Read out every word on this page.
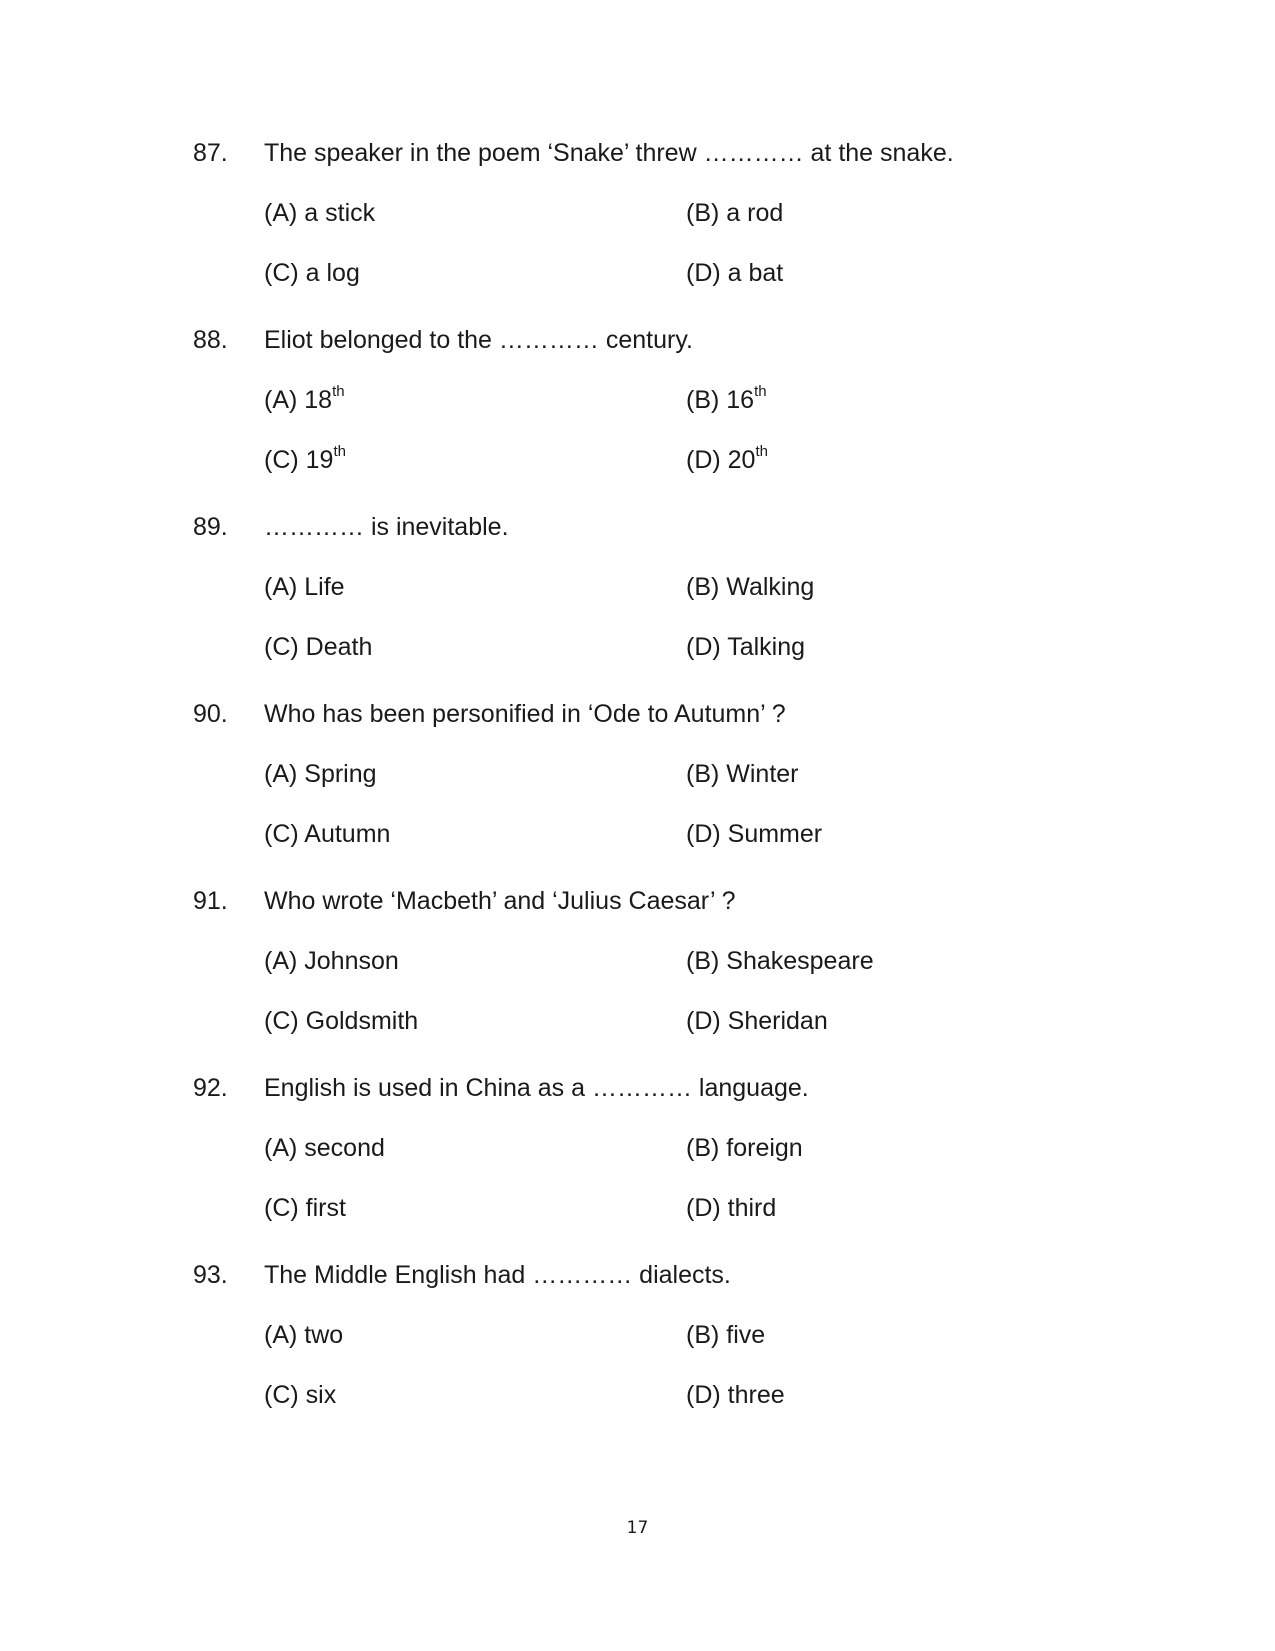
87. The speaker in the poem ‘Snake’ threw ………… at the snake.
(A) a stick	(B) a rod
(C) a log	(D) a bat
88. Eliot belonged to the ………… century.
(A) 18th	(B) 16th
(C) 19th	(D) 20th
89. ………… is inevitable.
(A) Life	(B) Walking
(C) Death	(D) Talking
90. Who has been personified in ‘Ode to Autumn’ ?
(A) Spring	(B) Winter
(C) Autumn	(D) Summer
91. Who wrote ‘Macbeth’ and ‘Julius Caesar’ ?
(A) Johnson	(B) Shakespeare
(C) Goldsmith	(D) Sheridan
92. English is used in China as a ………… language.
(A) second	(B) foreign
(C) first	(D) third
93. The Middle English had ………… dialects.
(A) two	(B) five
(C) six	(D) three
17
